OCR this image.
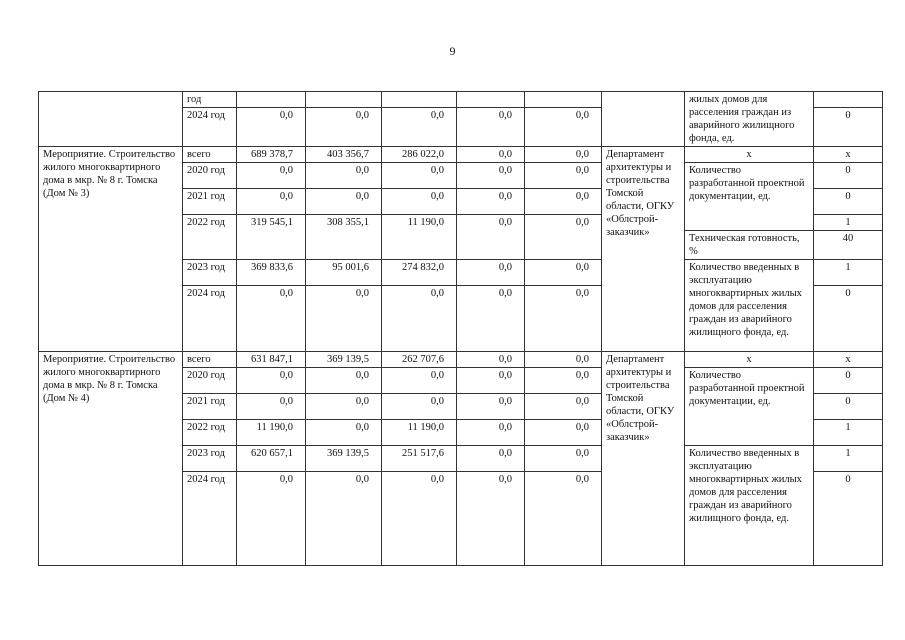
9
	год							жилых домов для расселения граждан из аварийного жилищного фонда, ед.	
	2024 год	0,0	0,0	0,0	0,0	0,0			0
Мероприятие. Строительство жилого многоквартирного дома в мкр. № 8 г. Томска (Дом № 3)	всего	689 378,7	403 356,7	286 022,0	0,0	0,0	Департамент архитектуры и строительства Томской области, ОГКУ «Облстрой-заказчик»	х	х
	2020 год	0,0	0,0	0,0	0,0	0,0		Количество разработанной проектной документации, ед.	0
	2021 год	0,0	0,0	0,0	0,0	0,0			0
	2022 год	319 545,1	308 355,1	11 190,0	0,0	0,0			1
								Техническая готовность, %	40
	2023 год	369 833,6	95 001,6	274 832,0	0,0	0,0		Количество введенных в эксплуатацию многоквартирных жилых домов для расселения граждан из аварийного жилищного фонда, ед.	1
	2024 год	0,0	0,0	0,0	0,0	0,0			0
Мероприятие. Строительство жилого многоквартирного дома в мкр. № 8 г. Томска (Дом № 4)	всего	631 847,1	369 139,5	262 707,6	0,0	0,0	Департамент архитектуры и строительства Томской области, ОГКУ «Облстрой-заказчик»	х	х
	2020 год	0,0	0,0	0,0	0,0	0,0		Количество разработанной проектной документации, ед.	0
	2021 год	0,0	0,0	0,0	0,0	0,0			0
	2022 год	11 190,0	0,0	11 190,0	0,0	0,0			1
	2023 год	620 657,1	369 139,5	251 517,6	0,0	0,0		Количество введенных в эксплуатацию многоквартирных жилых домов для расселения граждан из аварийного жилищного фонда, ед.	1
	2024 год	0,0	0,0	0,0	0,0	0,0			0
